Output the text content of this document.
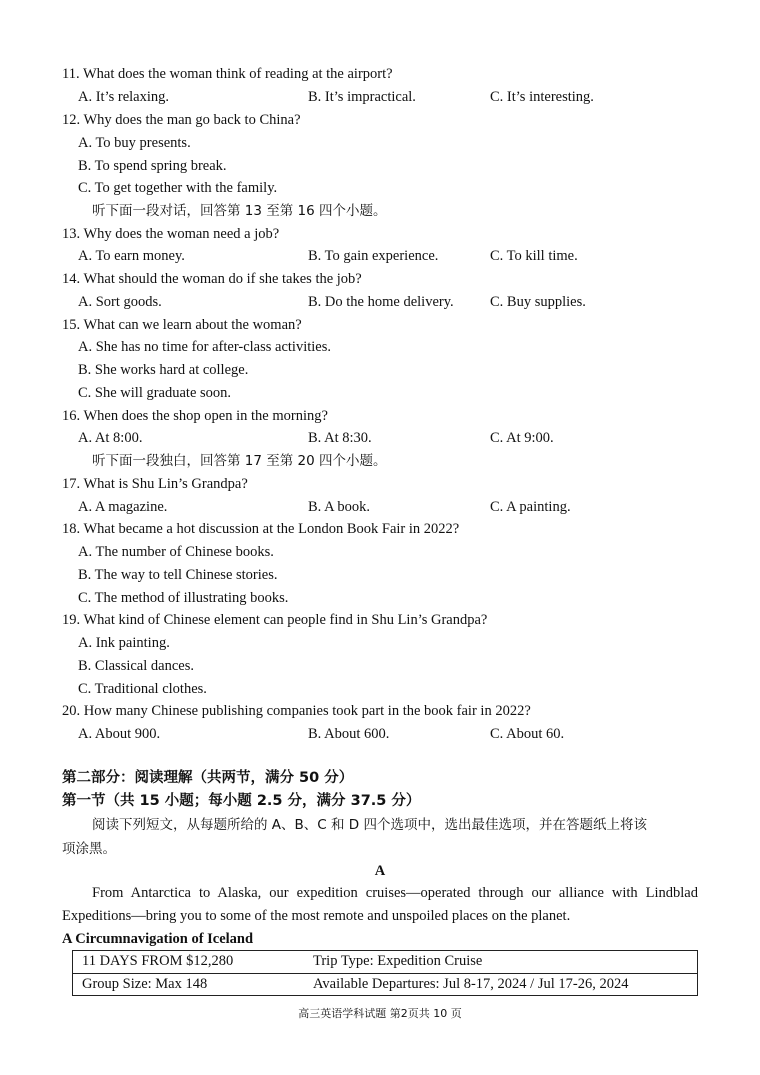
11. What does the woman think of reading at the airport?
A. It’s relaxing.	B. It’s impractical.	C. It’s interesting.
12. Why does the man go back to China?
A. To buy presents.
B. To spend spring break.
C. To get together with the family.
听下面一段对话，回答第 13 至第 16 四个小题。
13. Why does the woman need a job?
A. To earn money.	B. To gain experience.	C. To kill time.
14. What should the woman do if she takes the job?
A. Sort goods.	B. Do the home delivery.	C. Buy supplies.
15. What can we learn about the woman?
A. She has no time for after-class activities.
B. She works hard at college.
C. She will graduate soon.
16. When does the shop open in the morning?
A. At 8:00.	B. At 8:30.	C. At 9:00.
听下面一段独白，回答第 17 至第 20 四个小题。
17. What is Shu Lin’s Grandpa?
A. A magazine.	B. A book.	C. A painting.
18. What became a hot discussion at the London Book Fair in 2022?
A. The number of Chinese books.
B. The way to tell Chinese stories.
C. The method of illustrating books.
19. What kind of Chinese element can people find in Shu Lin’s Grandpa?
A. Ink painting.
B. Classical dances.
C. Traditional clothes.
20. How many Chinese publishing companies took part in the book fair in 2022?
A. About 900.	B. About 600.	C. About 60.
第二部分：阅读理解（共两节，满分 50 分）
第一节（共 15 小题；每小题 2.5 分，满分 37.5 分）
阅读下列短文，从每题所给的 A、B、C 和 D 四个选项中，选出最佳选项，并在答题纸上将该
项涂黑。
A
From Antarctica to Alaska, our expedition cruises—operated through our alliance with Lindblad Expeditions—bring you to some of the most remote and unspoiled places on the planet.
A Circumnavigation of Iceland
11 DAYS FROM $12,280	Trip Type: Expedition Cruise
Group Size: Max 148	Available Departures: Jul 8-17, 2024 / Jul 17-26, 2024
高三英语学科试题 第2页共 10 页
